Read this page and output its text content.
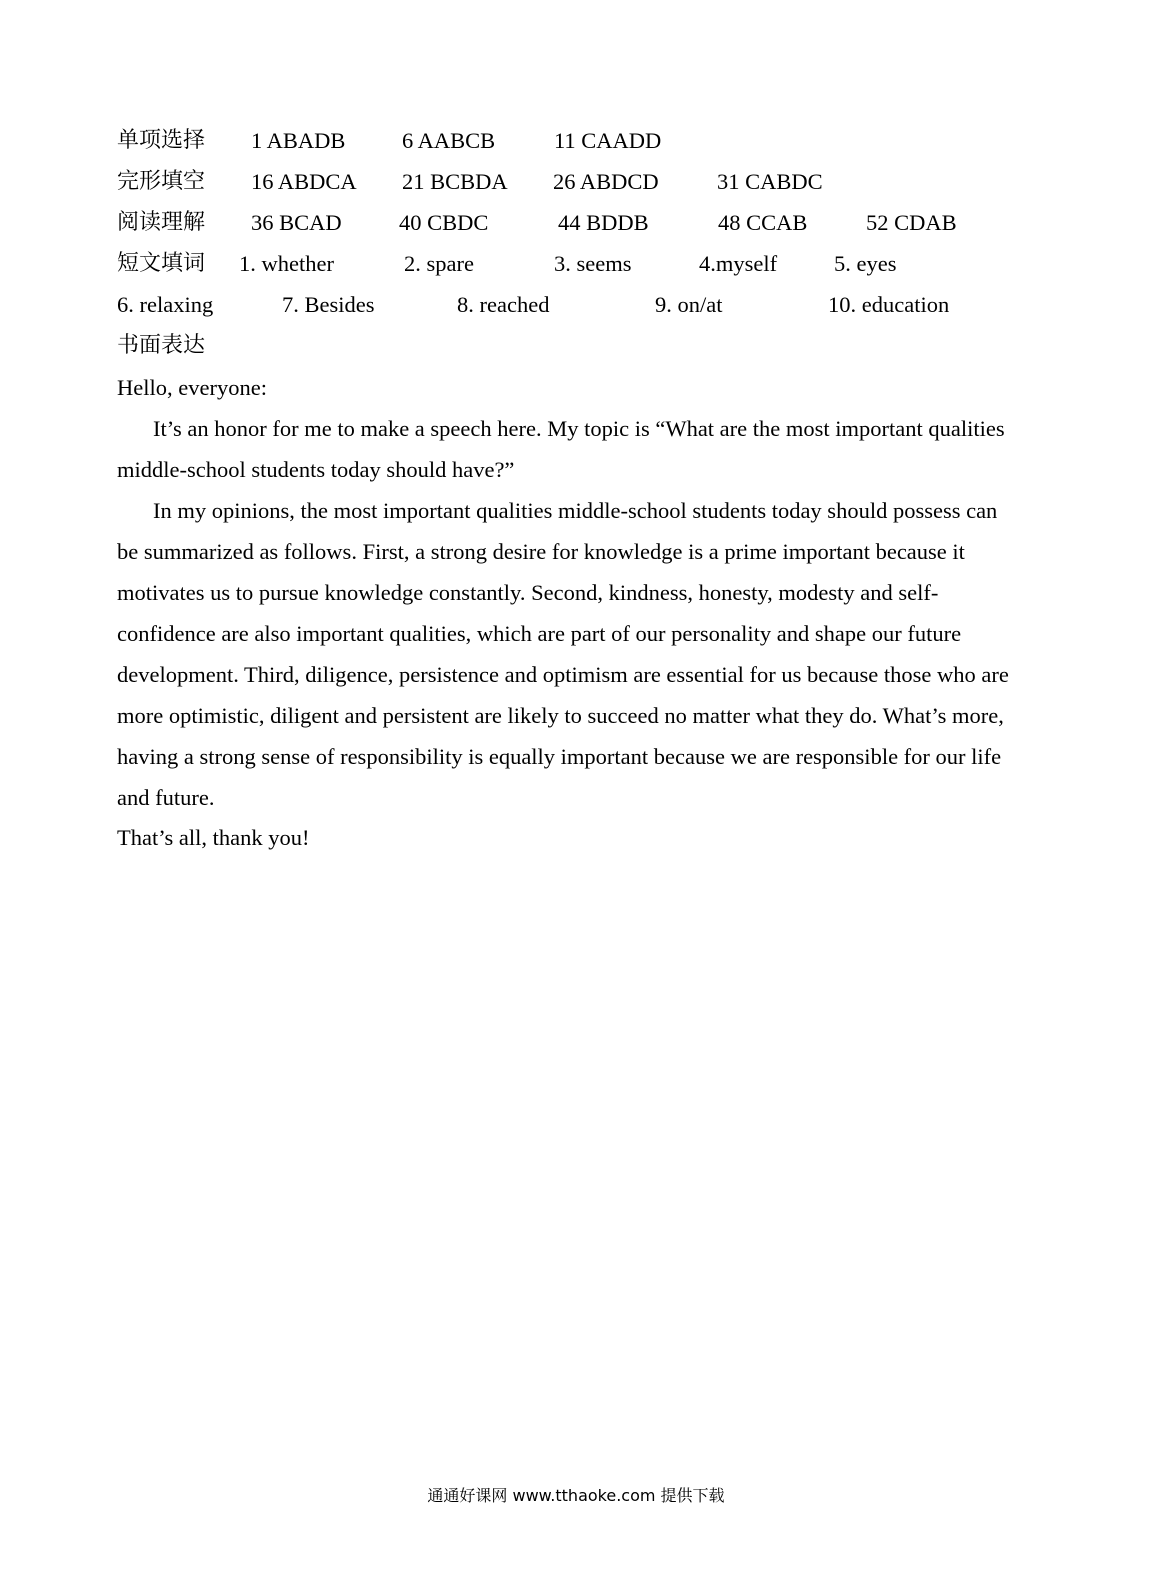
单项选择 1 ABADB	6 AABCB	11 CAADD
完形填空 16 ABDCA 21 BCBDA 26 ABDCD	31 CABDC
阅读理解 36 BCAD	40 CBDC	44 BDDB	48 CCAB	52 CDAB
短文填词 1. whether	2. spare	3. seems	4.myself	5. eyes
6. relaxing	7. Besides	8. reached	9. on/at	10. education
书面表达
Hello, everyone:
It’s an honor for me to make a speech here. My topic is “What are the most important qualities middle-school students today should have?”
In my opinions, the most important qualities middle-school students today should possess can be summarized as follows. First, a strong desire for knowledge is a prime important because it motivates us to pursue knowledge constantly. Second, kindness, honesty, modesty and self-confidence are also important qualities, which are part of our personality and shape our future development. Third, diligence, persistence and optimism are essential for us because those who are more optimistic, diligent and persistent are likely to succeed no matter what they do. What’s more, having a strong sense of responsibility is equally important because we are responsible for our life and future.
That’s all, thank you!
通通好课网 www.tthaoke.com 提供下载
